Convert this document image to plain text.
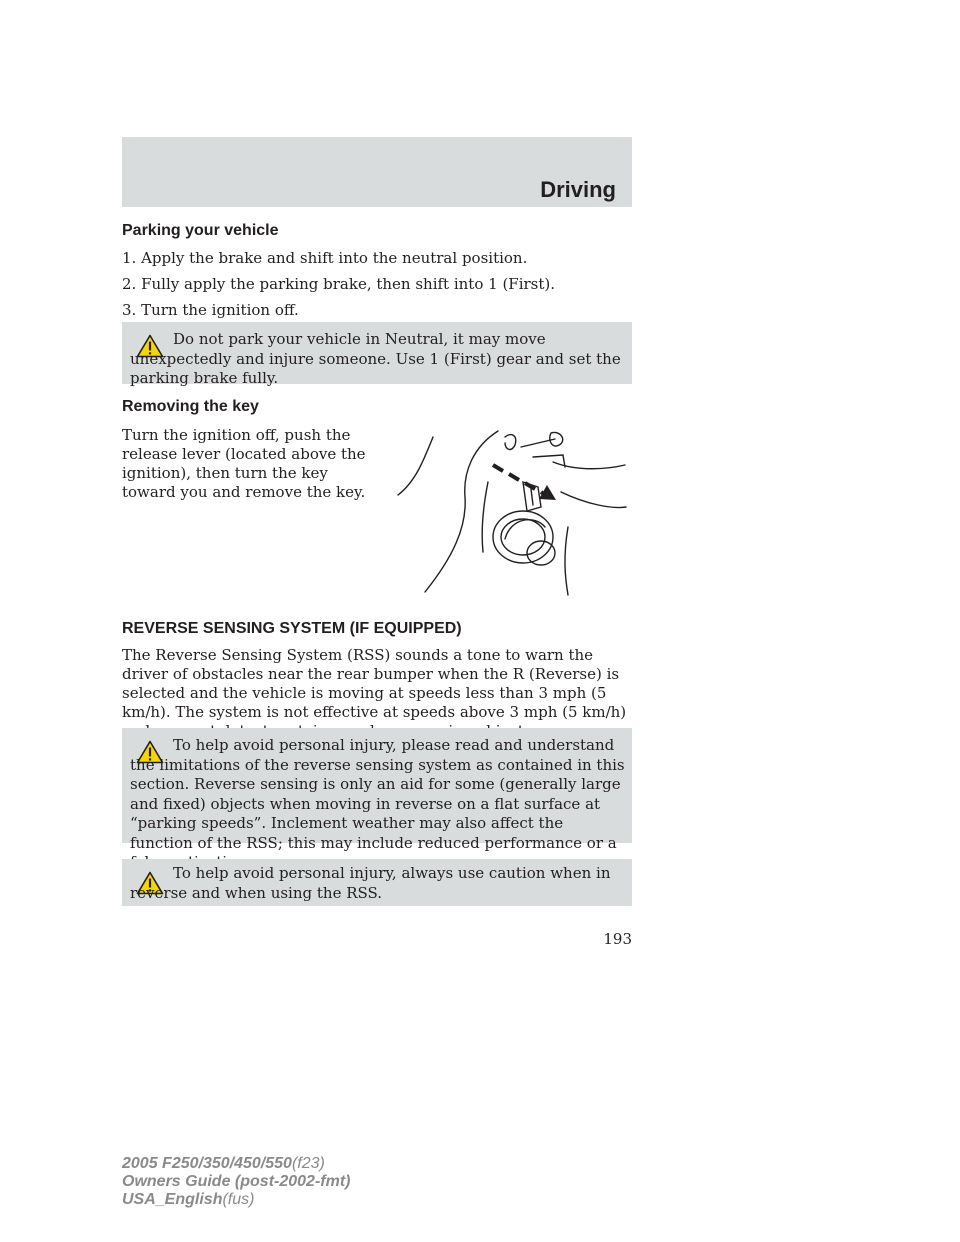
Driving
Parking your vehicle

1. Apply the brake and shift into the neutral position.

2. Fully apply the parking brake, then shift into 1 (First).

3. Turn the ignition off.

Do not park your vehicle in Neutral, it may move unexpectedly and injure someone. Use 1 (First) gear and set the parking brake fully.

Removing the key

Turn the ignition off, push the release lever (located above the ignition), then turn the key toward you and remove the key.

REVERSE SENSING SYSTEM (IF EQUIPPED)

The Reverse Sensing System (RSS) sounds a tone to warn the driver of obstacles near the rear bumper when the R (Reverse) is selected and the vehicle is moving at speeds less than 3 mph (5 km/h). The system is not effective at speeds above 3 mph (5 km/h)

To help avoid personal injury, please read and understand the limitations of the reverse sensing system as contained in this section. Reverse sensing is only an aid for some (generally large and fixed) objects when moving in reverse on a flat surface at “parking speeds”. Inclement weather may also affect the function of the RSS; this may include reduced performance or a

To help avoid personal injury, always use caution when in reverse and when using the RSS.

193
2005 F250/350/450/550(f23)
Owners Guide (post-2002-fmt)
USA_English(fus)
